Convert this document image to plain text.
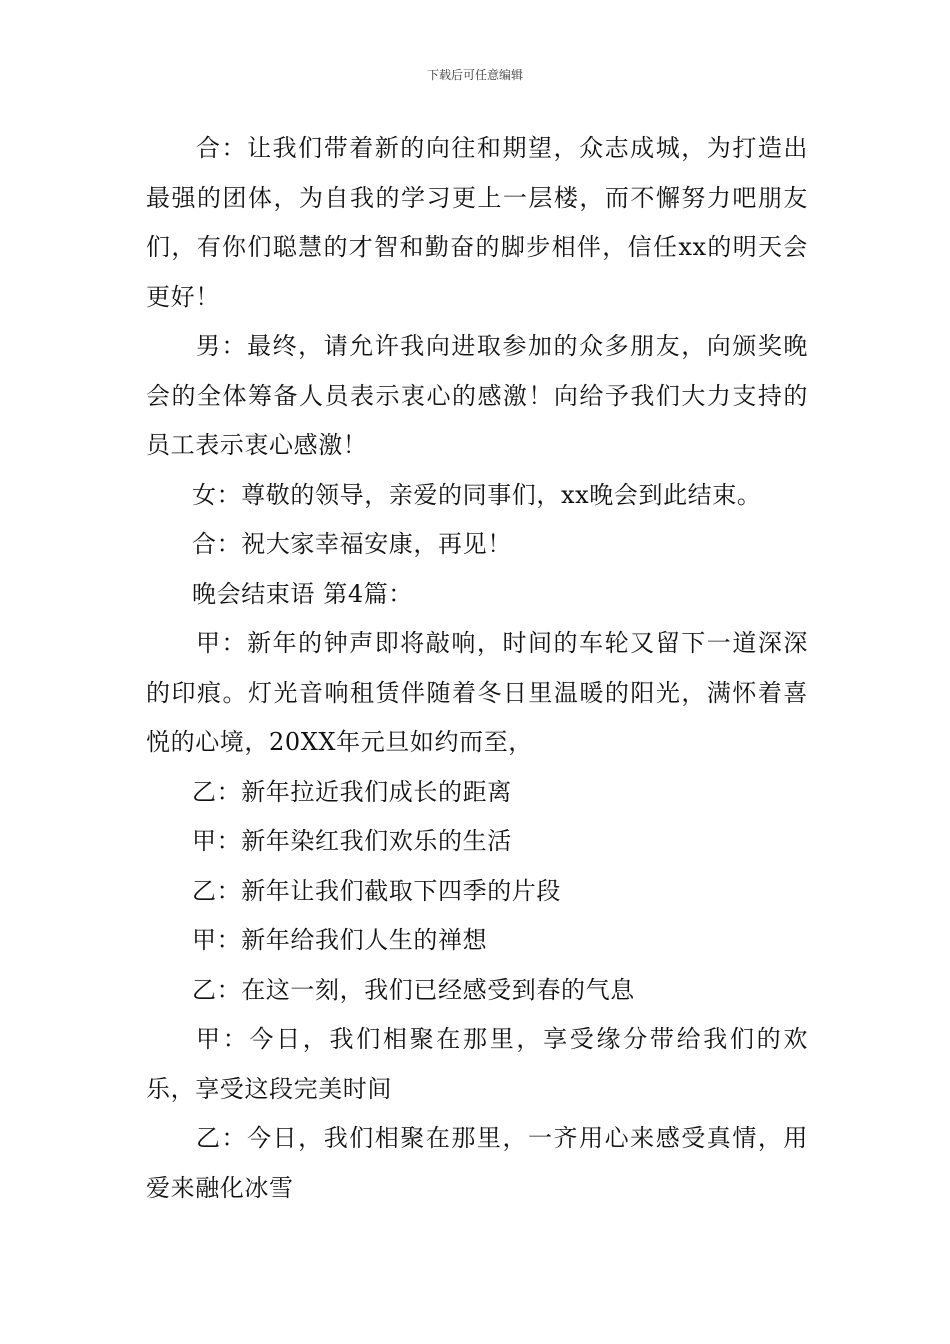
下载后可任意编辑

合：让我们带着新的向往和期望，众志成城，为打造出最强的团体，为自我的学习更上一层楼，而不懈努力吧朋友们，有你们聪慧的才智和勤奋的脚步相伴，信任xx的明天会更好！

男：最终，请允许我向进取参加的众多朋友，向颁奖晚会的全体筹备人员表示衷心的感激！向给予我们大力支持的员工表示衷心感激！

女：尊敬的领导，亲爱的同事们，xx晚会到此结束。

合：祝大家幸福安康，再见！

晚会结束语 第4篇：

甲：新年的钟声即将敲响，时间的车轮又留下一道深深的印痕。灯光音响租赁伴随着冬日里温暖的阳光，满怀着喜悦的心境，20XX年元旦如约而至，

乙：新年拉近我们成长的距离

甲：新年染红我们欢乐的生活

乙：新年让我们截取下四季的片段

甲：新年给我们人生的禅想

乙：在这一刻，我们已经感受到春的气息

甲：今日，我们相聚在那里，享受缘分带给我们的欢乐，享受这段完美时间

乙：今日，我们相聚在那里，一齐用心来感受真情，用爱来融化冰雪
